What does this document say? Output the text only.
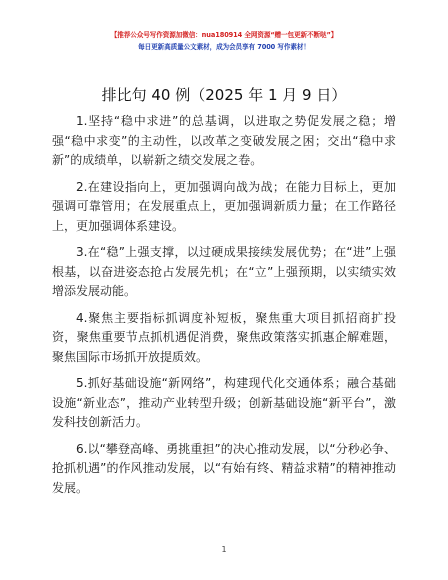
【推荐公众号写作资源加微信：nua180914 全网资源“赠一包更新不断哒”】
每日更新高质量公文素材，成为会员享有 7000 写作素材！
排比句 40 例（2025 年 1 月 9 日）

1.坚持“稳中求进”的总基调，以进取之势促发展之稳；增强“稳中求变”的主动性，以改革之变破发展之困；交出“稳中求新”的成绩单，以崭新之绩交发展之卷。

2.在建设指向上，更加强调向战为战；在能力目标上，更加强调可靠管用；在发展重点上，更加强调新质力量；在工作路径上，更加强调体系建设。

3.在“稳”上强支撑，以过硬成果接续发展优势；在“进”上强根基，以奋进姿态抢占发展先机；在“立”上强预期，以实绩实效增添发展动能。

4.聚焦主要指标抓调度补短板，聚焦重大项目抓招商扩投资，聚焦重要节点抓机遇促消费，聚焦政策落实抓惠企解难题，聚焦国际市场抓开放提质效。

5.抓好基础设施“新网络”，构建现代化交通体系；融合基础设施“新业态”，推动产业转型升级；创新基础设施“新平台”，激发科技创新活力。

6.以“攀登高峰、勇挑重担”的决心推动发展，以“分秒必争、抢抓机遇”的作风推动发展，以“有始有终、精益求精”的精神推动发展。

1
